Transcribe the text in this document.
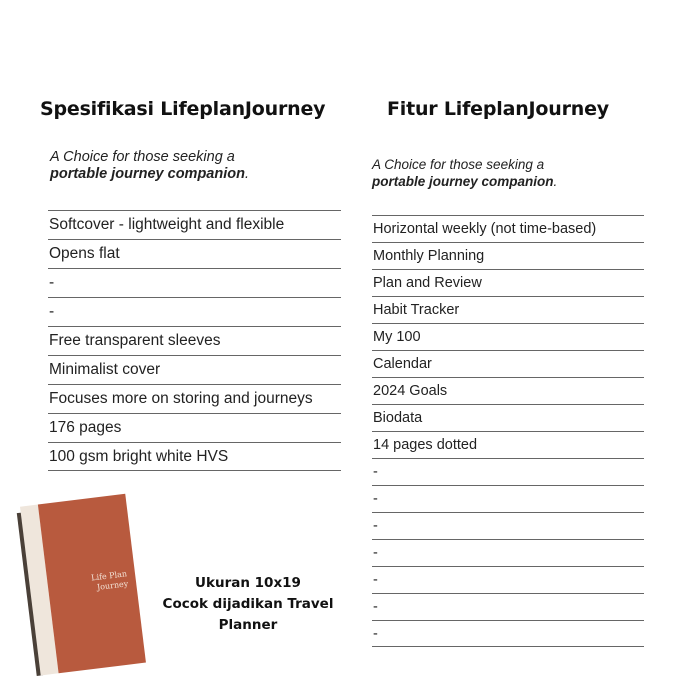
Spesifikasi LifeplanJourney
A Choice for those seeking a
portable journey companion.
Softcover - lightweight and flexible
Opens flat
-
-
Free transparent sleeves
Minimalist cover
Focuses more on storing and journeys
176 pages
100 gsm bright white HVS
Fitur LifeplanJourney
A Choice for those seeking a
portable journey companion.
Horizontal weekly (not time-based)
Monthly Planning
Plan and Review
Habit Tracker
My 100
Calendar
2024 Goals
Biodata
14 pages dotted
-
-
-
-
-
-
-
Life Plan
Journey	Ukuran 10x19
Cocok dijadikan Travel
Planner
